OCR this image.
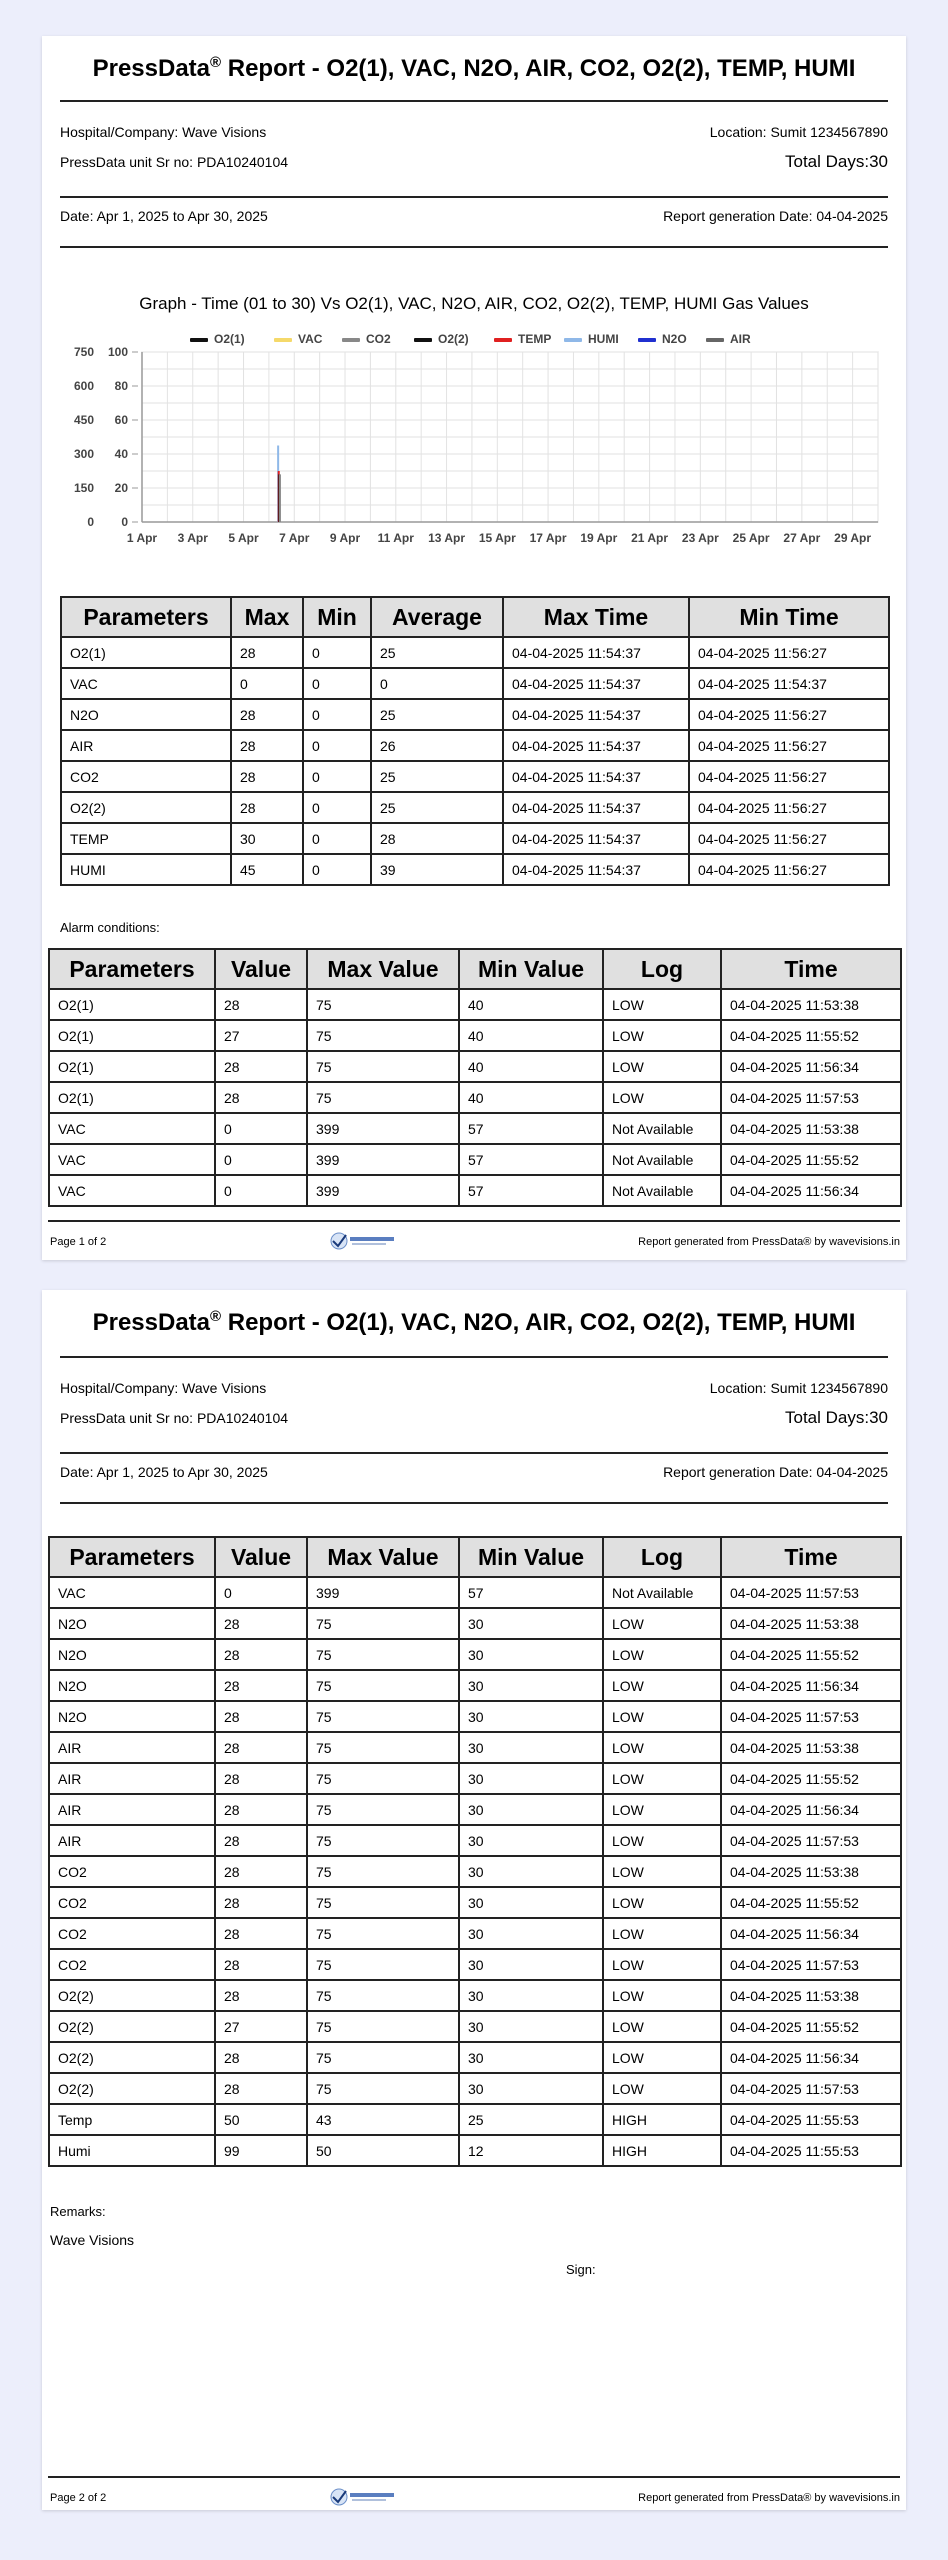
PressData® Report - O2(1), VAC, N2O, AIR, CO2, O2(2), TEMP, HUMI
Hospital/Company: Wave Visions	Location: Sumit 1234567890
PressData unit Sr no: PDA10240104	Total Days:30
Date: Apr 1, 2025 to Apr 30, 2025	Report generation Date: 04-04-2025
Graph - Time (01 to 30) Vs O2(1), VAC, N2O, AIR, CO2, O2(2), TEMP, HUMI Gas Values
O2(1)	VAC	CO2	O2(2)	TEMP	HUMI	N2O	AIR
750
600
450
300
150
0
100
80
60
40
20
0
1 Apr 3 Apr 5 Apr 7 Apr 9 Apr 11 Apr 13 Apr 15 Apr 17 Apr 19 Apr 21 Apr 23 Apr 25 Apr 27 Apr 29 Apr
Parameters	Max	Min	Average	Max Time	Min Time
O2(1)	28	0	25	04-04-2025 11:54:37	04-04-2025 11:56:27
VAC	0	0	0	04-04-2025 11:54:37	04-04-2025 11:54:37
N2O	28	0	25	04-04-2025 11:54:37	04-04-2025 11:56:27
AIR	28	0	26	04-04-2025 11:54:37	04-04-2025 11:56:27
CO2	28	0	25	04-04-2025 11:54:37	04-04-2025 11:56:27
O2(2)	28	0	25	04-04-2025 11:54:37	04-04-2025 11:56:27
TEMP	30	0	28	04-04-2025 11:54:37	04-04-2025 11:56:27
HUMI	45	0	39	04-04-2025 11:54:37	04-04-2025 11:56:27
Alarm conditions:
Parameters	Value	Max Value	Min Value	Log	Time
O2(1)	28	75	40	LOW	04-04-2025 11:53:38
O2(1)	27	75	40	LOW	04-04-2025 11:55:52
O2(1)	28	75	40	LOW	04-04-2025 11:56:34
O2(1)	28	75	40	LOW	04-04-2025 11:57:53
VAC	0	399	57	Not Available	04-04-2025 11:53:38
VAC	0	399	57	Not Available	04-04-2025 11:55:52
VAC	0	399	57	Not Available	04-04-2025 11:56:34
Page 1 of 2	Report generated from PressData® by wavevisions.in
PressData® Report - O2(1), VAC, N2O, AIR, CO2, O2(2), TEMP, HUMI
Hospital/Company: Wave Visions	Location: Sumit 1234567890
PressData unit Sr no: PDA10240104	Total Days:30
Date: Apr 1, 2025 to Apr 30, 2025	Report generation Date: 04-04-2025
Parameters	Value	Max Value	Min Value	Log	Time
VAC	0	399	57	Not Available	04-04-2025 11:57:53
N2O	28	75	30	LOW	04-04-2025 11:53:38
N2O	28	75	30	LOW	04-04-2025 11:55:52
N2O	28	75	30	LOW	04-04-2025 11:56:34
N2O	28	75	30	LOW	04-04-2025 11:57:53
AIR	28	75	30	LOW	04-04-2025 11:53:38
AIR	28	75	30	LOW	04-04-2025 11:55:52
AIR	28	75	30	LOW	04-04-2025 11:56:34
AIR	28	75	30	LOW	04-04-2025 11:57:53
CO2	28	75	30	LOW	04-04-2025 11:53:38
CO2	28	75	30	LOW	04-04-2025 11:55:52
CO2	28	75	30	LOW	04-04-2025 11:56:34
CO2	28	75	30	LOW	04-04-2025 11:57:53
O2(2)	28	75	30	LOW	04-04-2025 11:53:38
O2(2)	27	75	30	LOW	04-04-2025 11:55:52
O2(2)	28	75	30	LOW	04-04-2025 11:56:34
O2(2)	28	75	30	LOW	04-04-2025 11:57:53
Temp	50	43	25	HIGH	04-04-2025 11:55:53
Humi	99	50	12	HIGH	04-04-2025 11:55:53
Remarks:
Wave Visions
Sign:
Page 2 of 2	Report generated from PressData® by wavevisions.in
